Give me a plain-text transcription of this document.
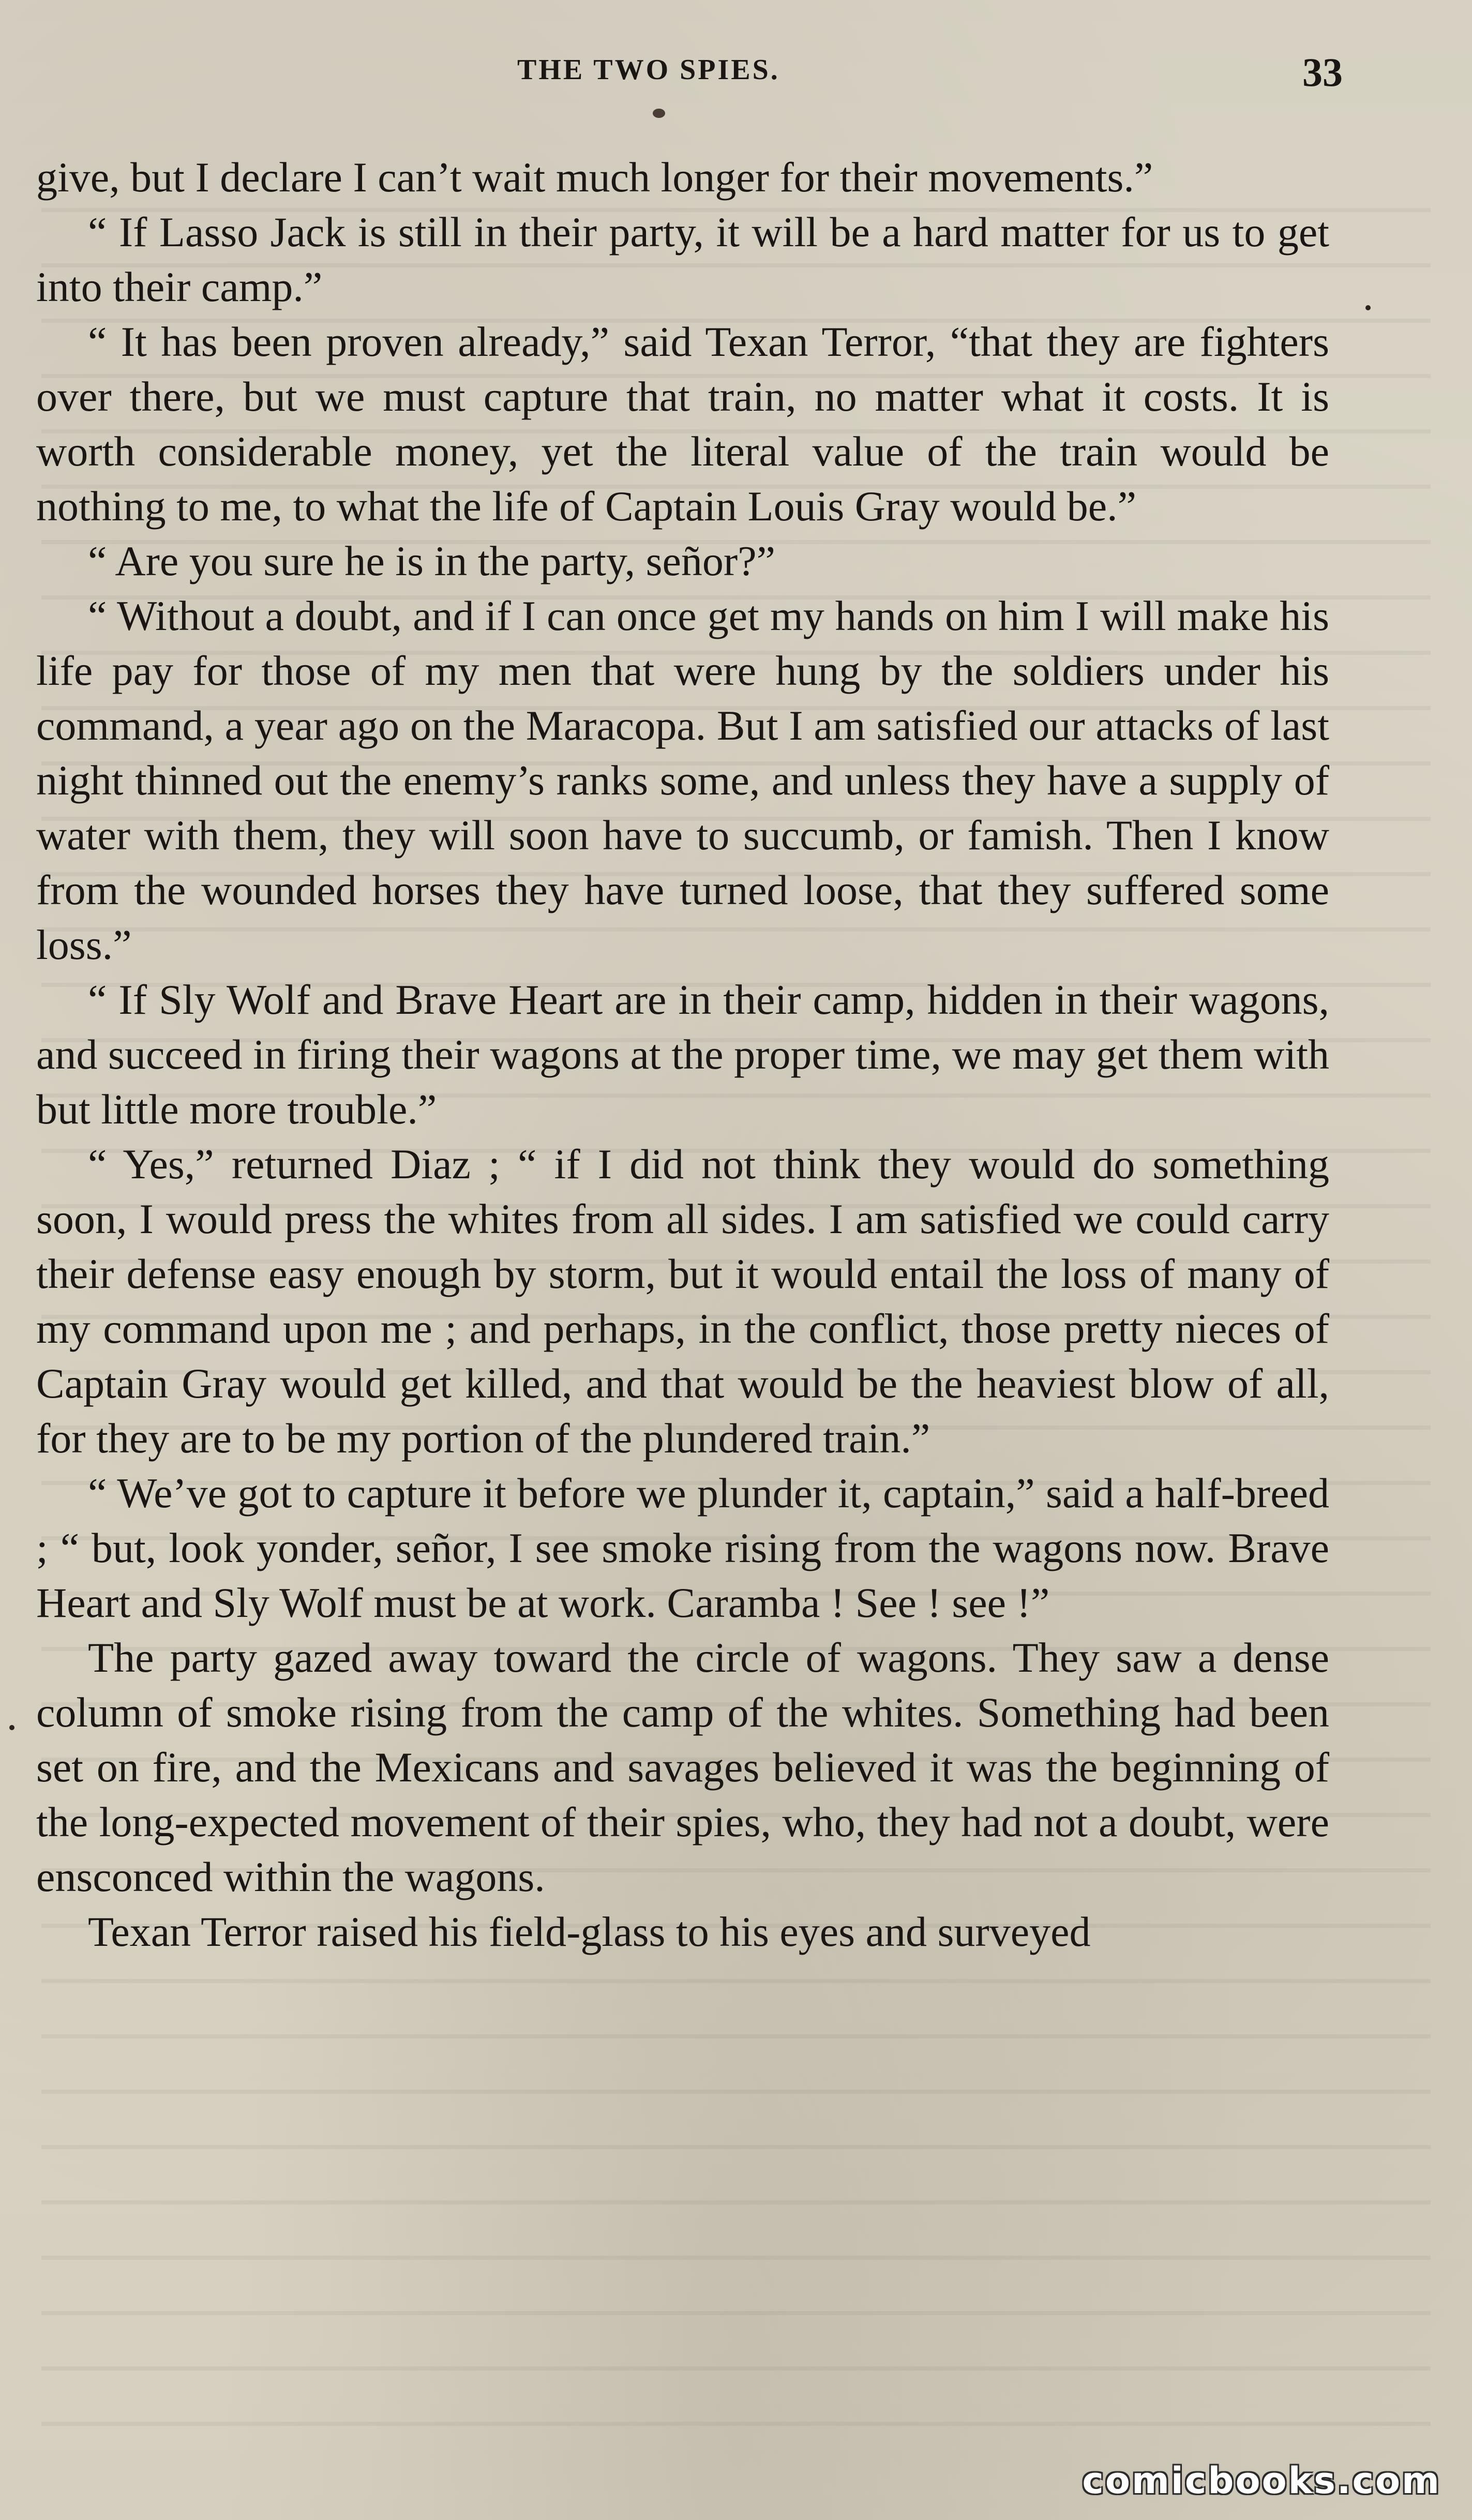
THE TWO SPIES.	33

give, but I declare I can’t wait much longer for their movements.”

“ If Lasso Jack is still in their party, it will be a hard matter for us to get into their camp.”

“ It has been proven already,” said Texan Terror, “that they are fighters over there, but we must capture that train, no matter what it costs. It is worth considerable money, yet the literal value of the train would be nothing to me, to what the life of Captain Louis Gray would be.”

“ Are you sure he is in the party, señor?”

“ Without a doubt, and if I can once get my hands on him I will make his life pay for those of my men that were hung by the soldiers under his command, a year ago on the Maracopa. But I am satisfied our attacks of last night thinned out the enemy’s ranks some, and unless they have a supply of water with them, they will soon have to succumb, or famish. Then I know from the wounded horses they have turned loose, that they suffered some loss.”

“ If Sly Wolf and Brave Heart are in their camp, hidden in their wagons, and succeed in firing their wagons at the proper time, we may get them with but little more trouble.”

“ Yes,” returned Diaz ; “ if I did not think they would do something soon, I would press the whites from all sides. I am satisfied we could carry their defense easy enough by storm, but it would entail the loss of many of my command upon me ; and perhaps, in the conflict, those pretty nieces of Captain Gray would get killed, and that would be the heaviest blow of all, for they are to be my portion of the plundered train.”

“ We’ve got to capture it before we plunder it, captain,” said a half-breed ; “ but, look yonder, señor, I see smoke rising from the wagons now. Brave Heart and Sly Wolf must be at work. Caramba ! See ! see !”

The party gazed away toward the circle of wagons. They saw a dense column of smoke rising from the camp of the whites. Something had been set on fire, and the Mexicans and savages believed it was the beginning of the long-expected movement of their spies, who, they had not a doubt, were ensconced within the wagons.

Texan Terror raised his field-glass to his eyes and surveyed

comicbooks.com
